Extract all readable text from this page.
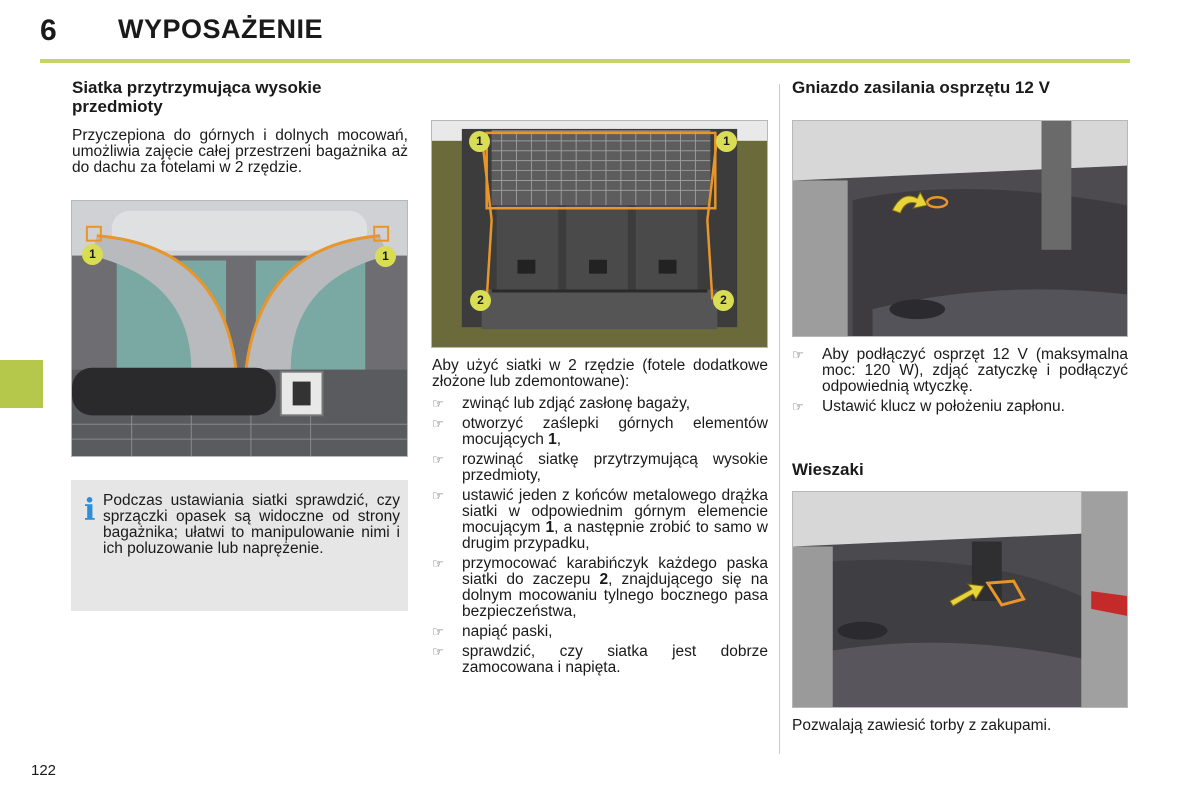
6 WYPOSAŻENIE
Siatka przytrzymująca wysokie przedmioty
Przyczepiona do górnych i dolnych mocowań, umożliwia zajęcie całej przestrzeni bagażnika aż do dachu za fotelami w 2 rzędzie.
1	1
i Podczas ustawiania siatki sprawdzić, czy sprzączki opasek są widoczne od strony bagażnika; ułatwi to manipulowanie nimi i ich poluzowanie lub naprężenie.
1	1
2	2
Aby użyć siatki w 2 rzędzie (fotele dodatkowe złożone lub zdemontowane):
☞ zwinąć lub zdjąć zasłonę bagaży,
☞ otworzyć zaślepki górnych elementów mocujących 1,
☞ rozwinąć siatkę przytrzymującą wysokie przedmioty,
☞ ustawić jeden z końców metalowego drążka siatki w odpowiednim górnym elemencie mocującym 1, a następnie zrobić to samo w drugim przypadku,
☞ przymocować karabińczyk każdego paska siatki do zaczepu 2, znajdującego się na dolnym mocowaniu tylnego bocznego pasa bezpieczeństwa,
☞ napiąć paski,
☞ sprawdzić, czy siatka jest dobrze zamocowana i napięta.
Gniazdo zasilania osprzętu 12 V
☞ Aby podłączyć osprzęt 12 V (maksymalna moc: 120 W), zdjąć zatyczkę i podłączyć odpowiednią wtyczkę.
☞ Ustawić klucz w położeniu zapłonu.
Wieszaki
Pozwalają zawiesić torby z zakupami.
122
